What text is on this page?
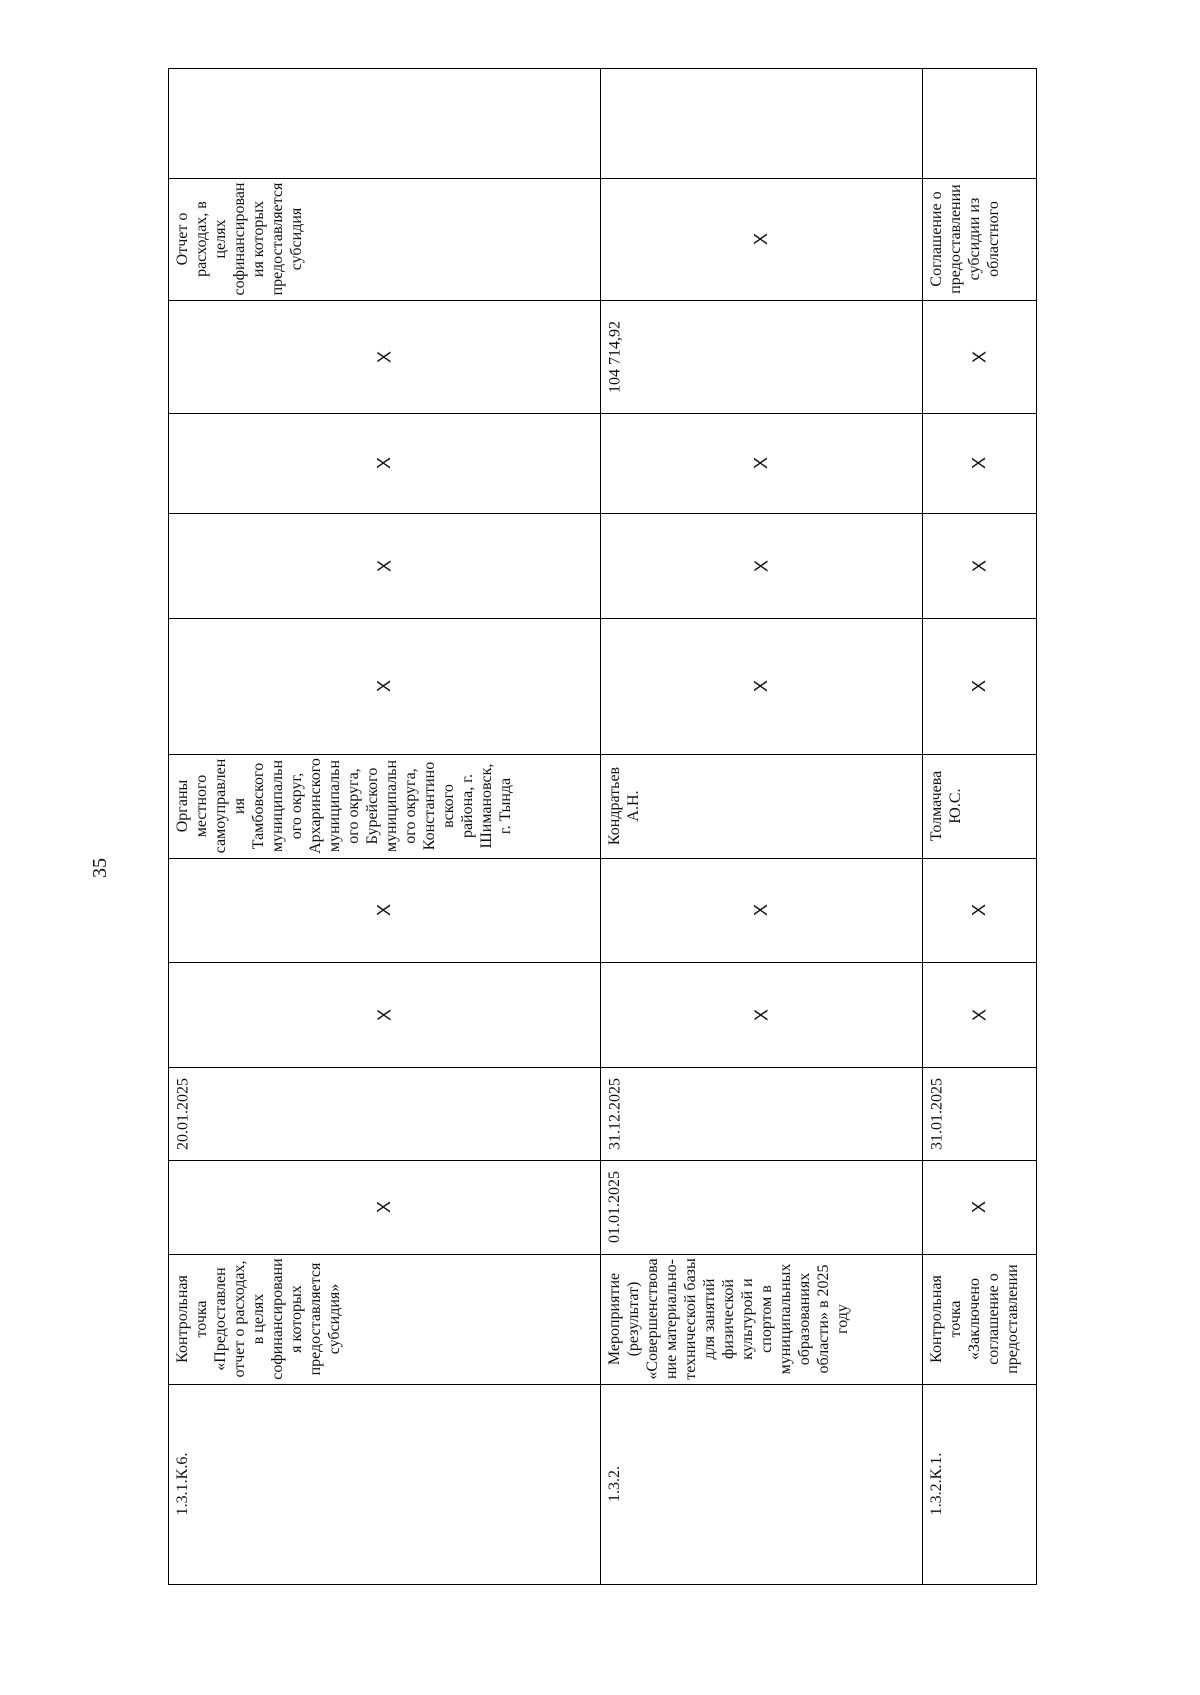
35
Отчет о расходах, в целях софинансирования которых предоставляется субсидия
X
X
X
X
Органы местного самоуправления Тамбовского муниципального округ, Архаринского муниципального округа, Бурейского муниципального округа, Константиновского района, г. Шимановск, г. Тында
X
X
20.01.2025
X
Контрольная точка «Предоставлен отчет о расходах, в целях софинансирования которых предоставляется субсидия»
1.3.1.К.6.
X
104 714,92
X
X
X
Кондратьев А.Н.
X
X
31.12.2025
01.01.2025
Мероприятие (результат) «Совершенствование материально-технической базы для занятий физической культурой и спортом в муниципальных образованиях области» в 2025 году
1.3.2.
Соглашение о предоставлении субсидии из областного
X
X
X
X
Толмачева Ю.С.
X
X
31.01.2025
X
Контрольная точка «Заключено соглашение о предоставлении
1.3.2.К.1.
